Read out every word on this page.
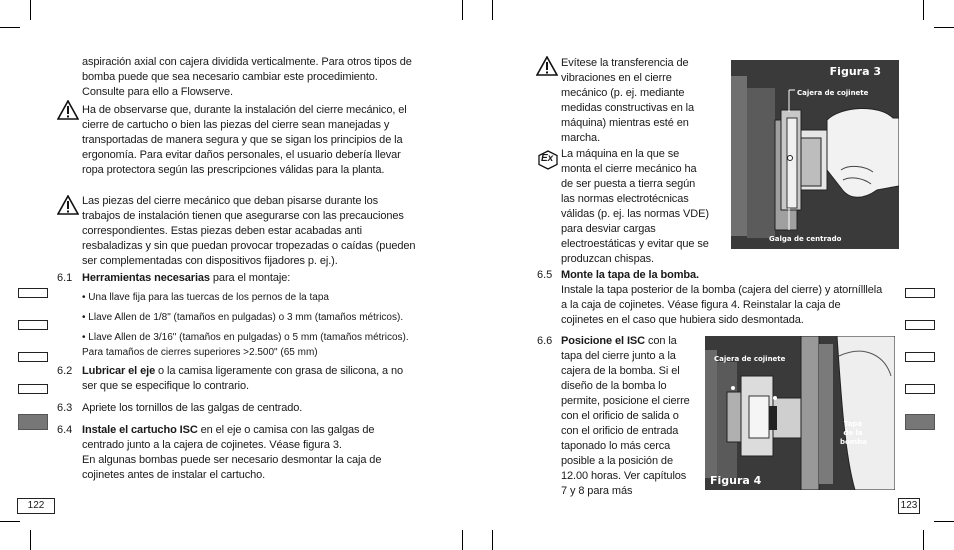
aspiración axial con cajera dividida verticalmente. Para otros tipos de bomba puede que sea necesario cambiar este procedimiento. Consulte para ello a Flowserve.
Ha de observarse que, durante la instalación del cierre mecánico, el cierre de cartucho o bien las piezas del cierre sean manejadas y transportadas de manera segura y que se sigan los principios de la ergonomía. Para evitar daños personales, el usuario debería llevar ropa protectora según las prescripciones válidas para la planta.
Las piezas del cierre mecánico que deban pisarse durante los trabajos de instalación tienen que asegurarse con las precauciones correspondientes. Estas piezas deben estar acabadas anti resbaladizas y sin que puedan provocar tropezadas o caídas (pueden ser complementadas con dispositivos fijadores p. ej.).
6.1 Herramientas necesarias para el montaje:
• Una llave fija para las tuercas de los pernos de la tapa
• Llave Allen de 1/8" (tamaños en pulgadas) o 3 mm (tamaños métricos).
• Llave Allen de 3/16" (tamaños en pulgadas) o 5 mm (tamaños métricos). Para tamaños de cierres superiores >2.500" (65 mm)
6.2 Lubricar el eje o la camisa ligeramente con grasa de silicona, a no ser que se especifique lo contrario.
6.3 Apriete los tornillos de las galgas de centrado.
6.4 Instale el cartucho ISC en el eje o camisa con las galgas de centrado junto a la cajera de cojinetes. Véase figura 3.
En algunas bombas puede ser necesario desmontar la caja de cojinetes antes de instalar el cartucho.
122
Evítese la transferencia de vibraciones en el cierre mecánico (p. ej. mediante medidas constructivas en la máquina) mientras esté en marcha.
Ex La máquina en la que se monta el cierre mecánico ha de ser puesta a tierra según las normas electrotécnicas válidas (p. ej. las normas VDE) para desviar cargas electroestáticas y evitar que se produzcan chispas.
Figura 3
Cajera de cojinete
Galga de centrado
6.5 Monte la tapa de la bomba.
Instale la tapa posterior de la bomba (cajera del cierre) y atornílllela a la caja de cojinetes. Véase figura 4. Reinstalar la caja de cojinetes en el caso que hubiera sido desmontada.
6.6 Posicione el ISC con la tapa del cierre junto a la cajera de la bomba. Si el diseño de la bomba lo permite, posicione el cierre con el orificio de salida o con el orificio de entrada taponado lo más cerca posible a la posición de 12.00 horas. Ver capítulos 7 y 8 para más
Cajera de cojinete
Tapa de la bomba
Figura 4
123
